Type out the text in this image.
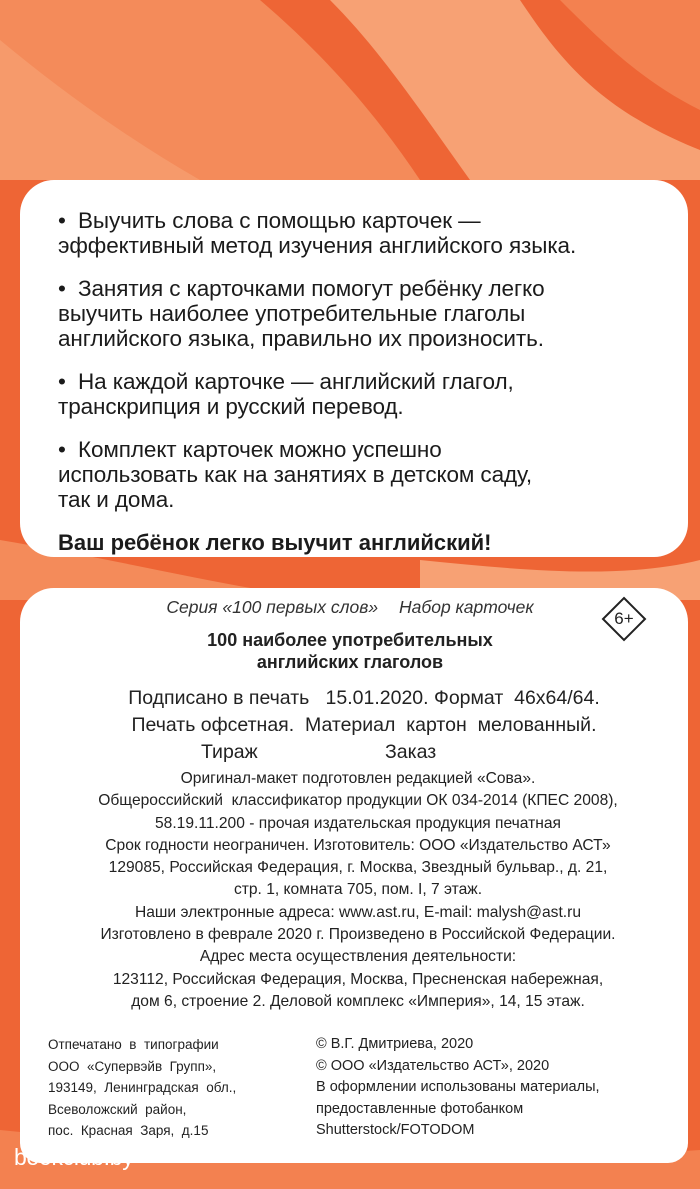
• Выучить слова с помощью карточек —
эффективный метод изучения английского языка.
• Занятия с карточками помогут ребёнку легко
выучить наиболее употребительные глаголы
английского языка, правильно их произносить.
• На каждой карточке — английский глагол,
транскрипция и русский перевод.
• Комплект карточек можно успешно
использовать как на занятиях в детском саду,
так и дома.
Ваш ребёнок легко выучит английский!
Серия «100 первых слов» Набор карточек
6+
100 наиболее употребительных
английских глаголов
Подписано в печать   15.01.2020. Формат  46х64/64.
Печать офсетная.  Материал  картон  мелованный.
Тираж	Заказ
Оригинал-макет подготовлен редакцией «Сова».
Общероссийский  классификатор продукции ОК 034-2014 (КПЕС 2008),
58.19.11.200 - прочая издательская продукция печатная
Срок годности неограничен. Изготовитель: ООО «Издательство АСТ»
129085, Российская Федерация, г. Москва, Звездный бульвар., д. 21,
стр. 1, комната 705, пом. I, 7 этаж.
Наши электронные адреса: www.ast.ru, E-mail: malysh@ast.ru
Изготовлено в феврале 2020 г. Произведено в Российской Федерации.
Адрес места осуществления деятельности:
123112, Российская Федерация, Москва, Пресненская набережная,
дом 6, строение 2. Деловой комплекс «Империя», 14, 15 этаж.
Отпечатано  в  типографии
ООО  «Супервэйв  Групп»,
193149,  Ленинградская  обл.,
Всеволожский  район,
пос.  Красная  Заря,  д.15
© В.Г. Дмитриева, 2020
© ООО «Издательство АСТ», 2020
В оформлении использованы материалы,
предоставленные фотобанком
Shutterstock/FOTODOM
bookclub.by
